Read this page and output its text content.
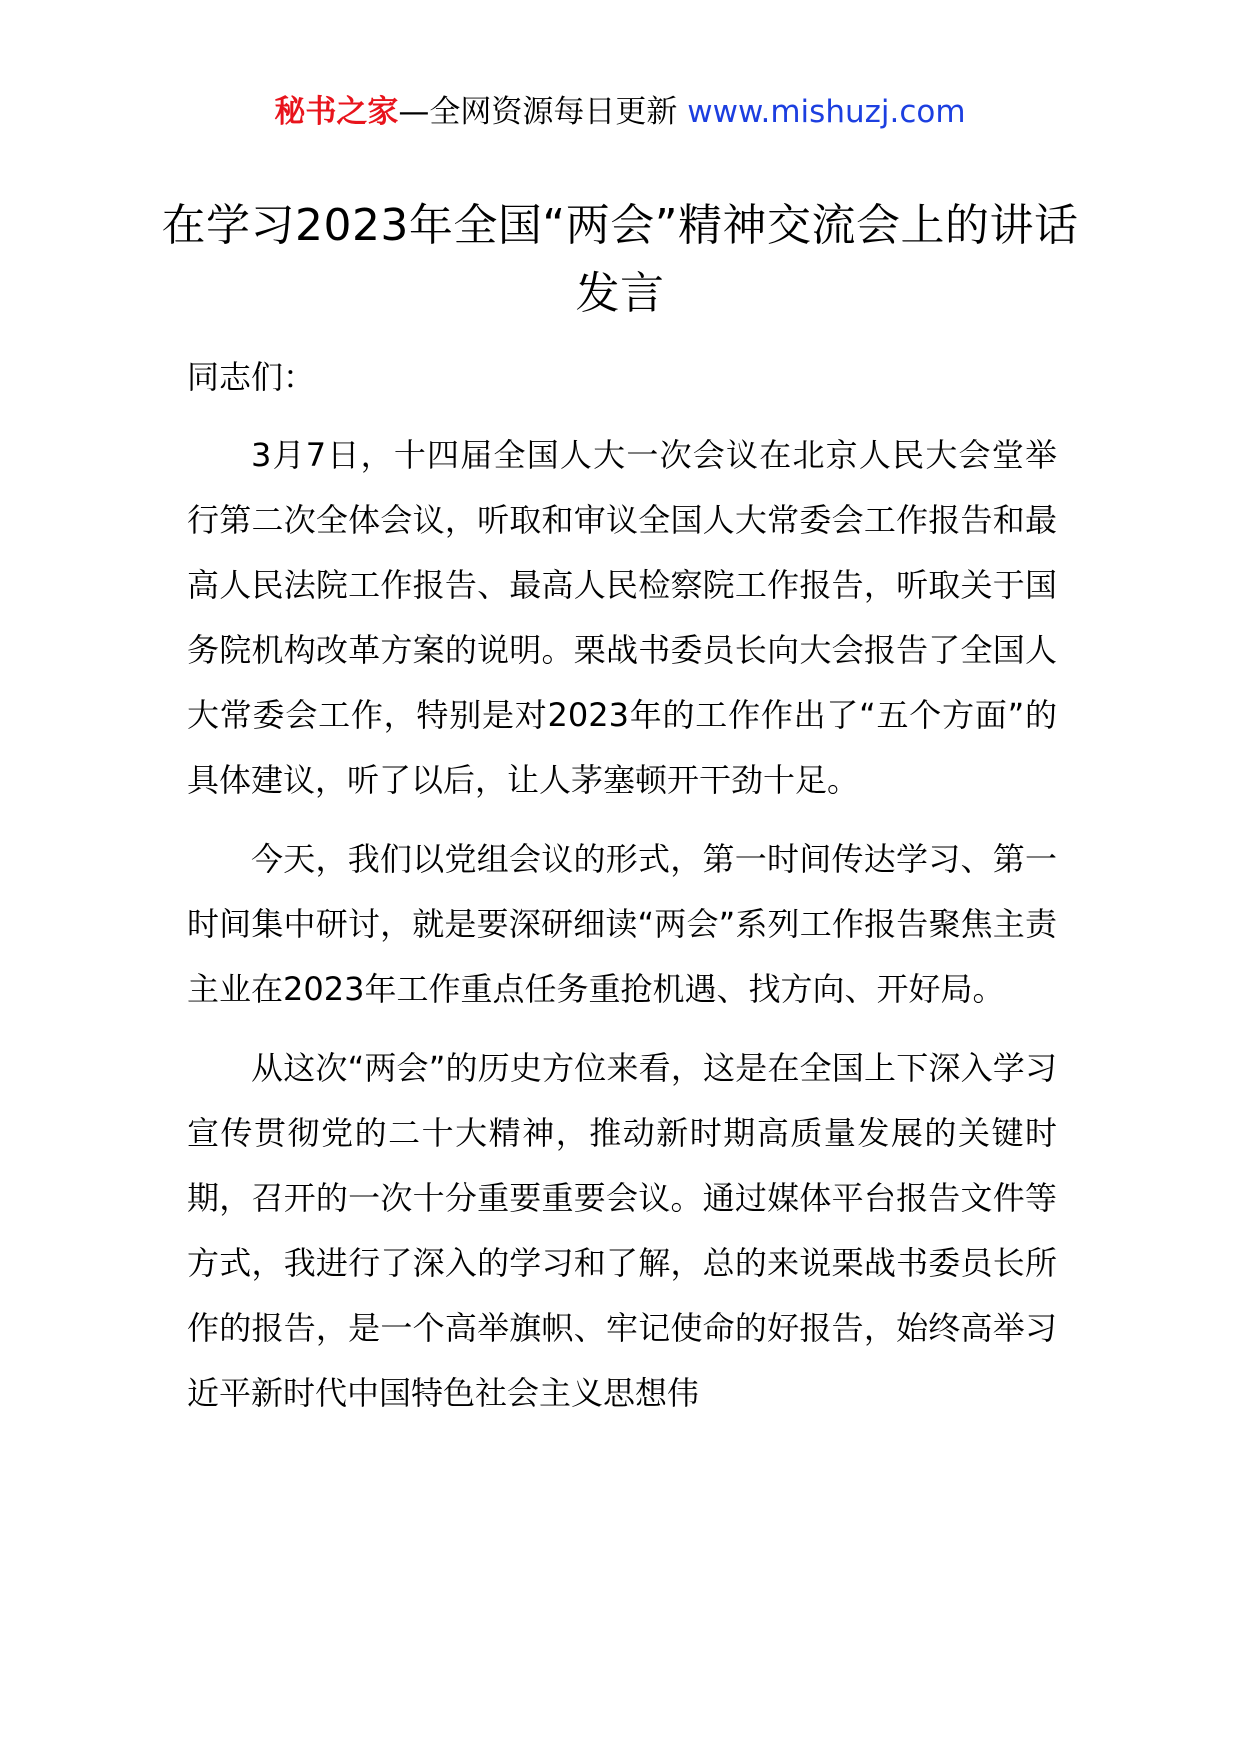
秘书之家—全网资源每日更新 www.mishuzj.com
在学习2023年全国“两会”精神交流会上的讲话发言

同志们：

3月7日，十四届全国人大一次会议在北京人民大会堂举行第二次全体会议，听取和审议全国人大常委会工作报告和最高人民法院工作报告、最高人民检察院工作报告，听取关于国务院机构改革方案的说明。栗战书委员长向大会报告了全国人大常委会工作，特别是对2023年的工作作出了“五个方面”的具体建议，听了以后，让人茅塞顿开干劲十足。

今天，我们以党组会议的形式，第一时间传达学习、第一时间集中研讨，就是要深研细读“两会”系列工作报告聚焦主责主业在2023年工作重点任务重抢机遇、找方向、开好局。

从这次“两会”的历史方位来看，这是在全国上下深入学习宣传贯彻党的二十大精神，推动新时期高质量发展的关键时期，召开的一次十分重要重要会议。通过媒体平台报告文件等方式，我进行了深入的学习和了解，总的来说栗战书委员长所作的报告，是一个高举旗帜、牢记使命的好报告，始终高举习近平新时代中国特色社会主义思想伟
